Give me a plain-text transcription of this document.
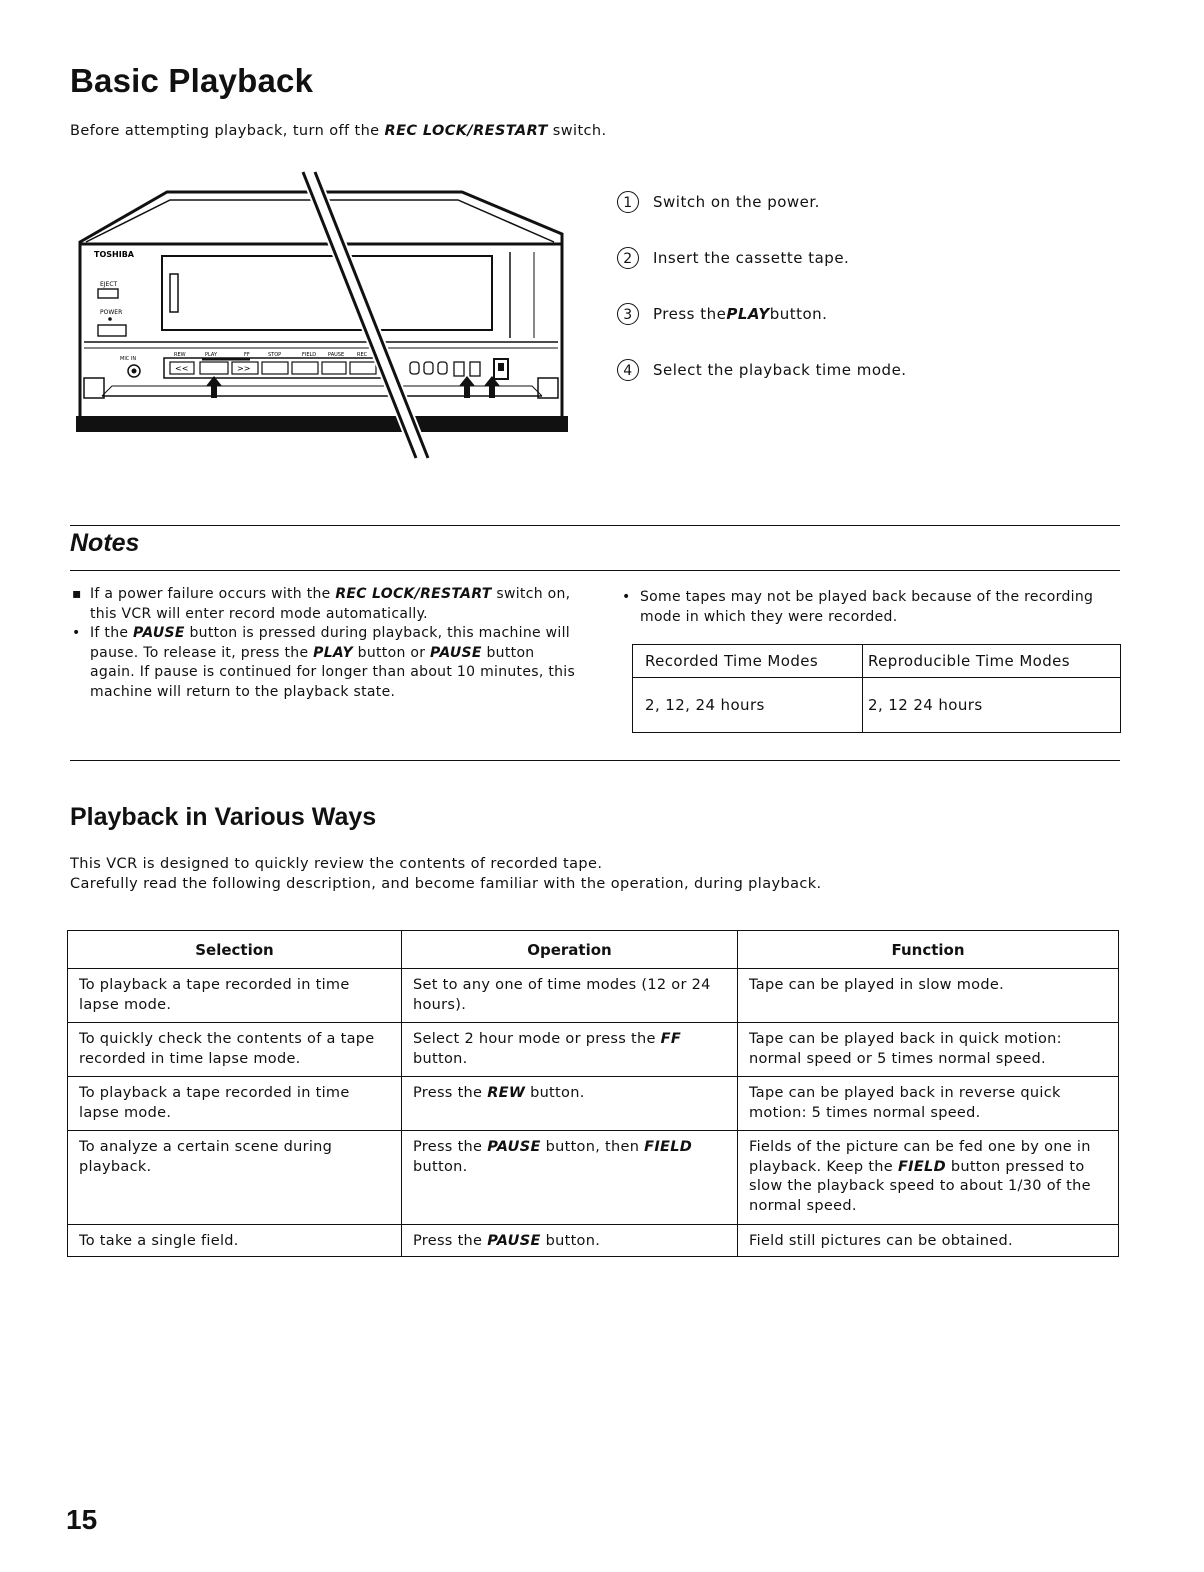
Basic Playback
Before attempting playback, turn off the REC LOCK/RESTART switch.
TOSHIBA
EJECT
POWER
MIC IN
REW	PLAY	FF	STOP	FIELD PAUSE	REC
<<	>>
1	Switch on the power.
2	Insert the cassette tape.
3	Press the PLAY button.
4	Select the playback time mode.
Notes
▪ If a power failure occurs with the REC LOCK/RESTART switch on, this VCR will enter record mode automatically.
• If the PAUSE button is pressed during playback, this machine will pause. To release it, press the PLAY button or PAUSE button again. If pause is continued for longer than about 10 minutes, this machine will return to the playback state.
• Some tapes may not be played back because of the recording mode in which they were recorded.
Recorded Time Modes	Reproducible Time Modes
2, 12, 24 hours	2, 12 24 hours
Playback in Various Ways
This VCR is designed to quickly review the contents of recorded tape.
Carefully read the following description, and become familiar with the operation, during playback.
Selection	Operation	Function
To playback a tape recorded in time lapse mode.	Set to any one of time modes (12 or 24 hours).	Tape can be played in slow mode.
To quickly check the contents of a tape recorded in time lapse mode.	Select 2 hour mode or press the FF button.	Tape can be played back in quick motion: normal speed or 5 times normal speed.
To playback a tape recorded in time lapse mode.	Press the REW button.	Tape can be played back in reverse quick motion: 5 times normal speed.
To analyze a certain scene during playback.	Press the PAUSE button, then FIELD button.	Fields of the picture can be fed one by one in playback. Keep the FIELD button pressed to slow the playback speed to about 1/30 of the normal speed.
To take a single field.	Press the PAUSE button.	Field still pictures can be obtained.
15
